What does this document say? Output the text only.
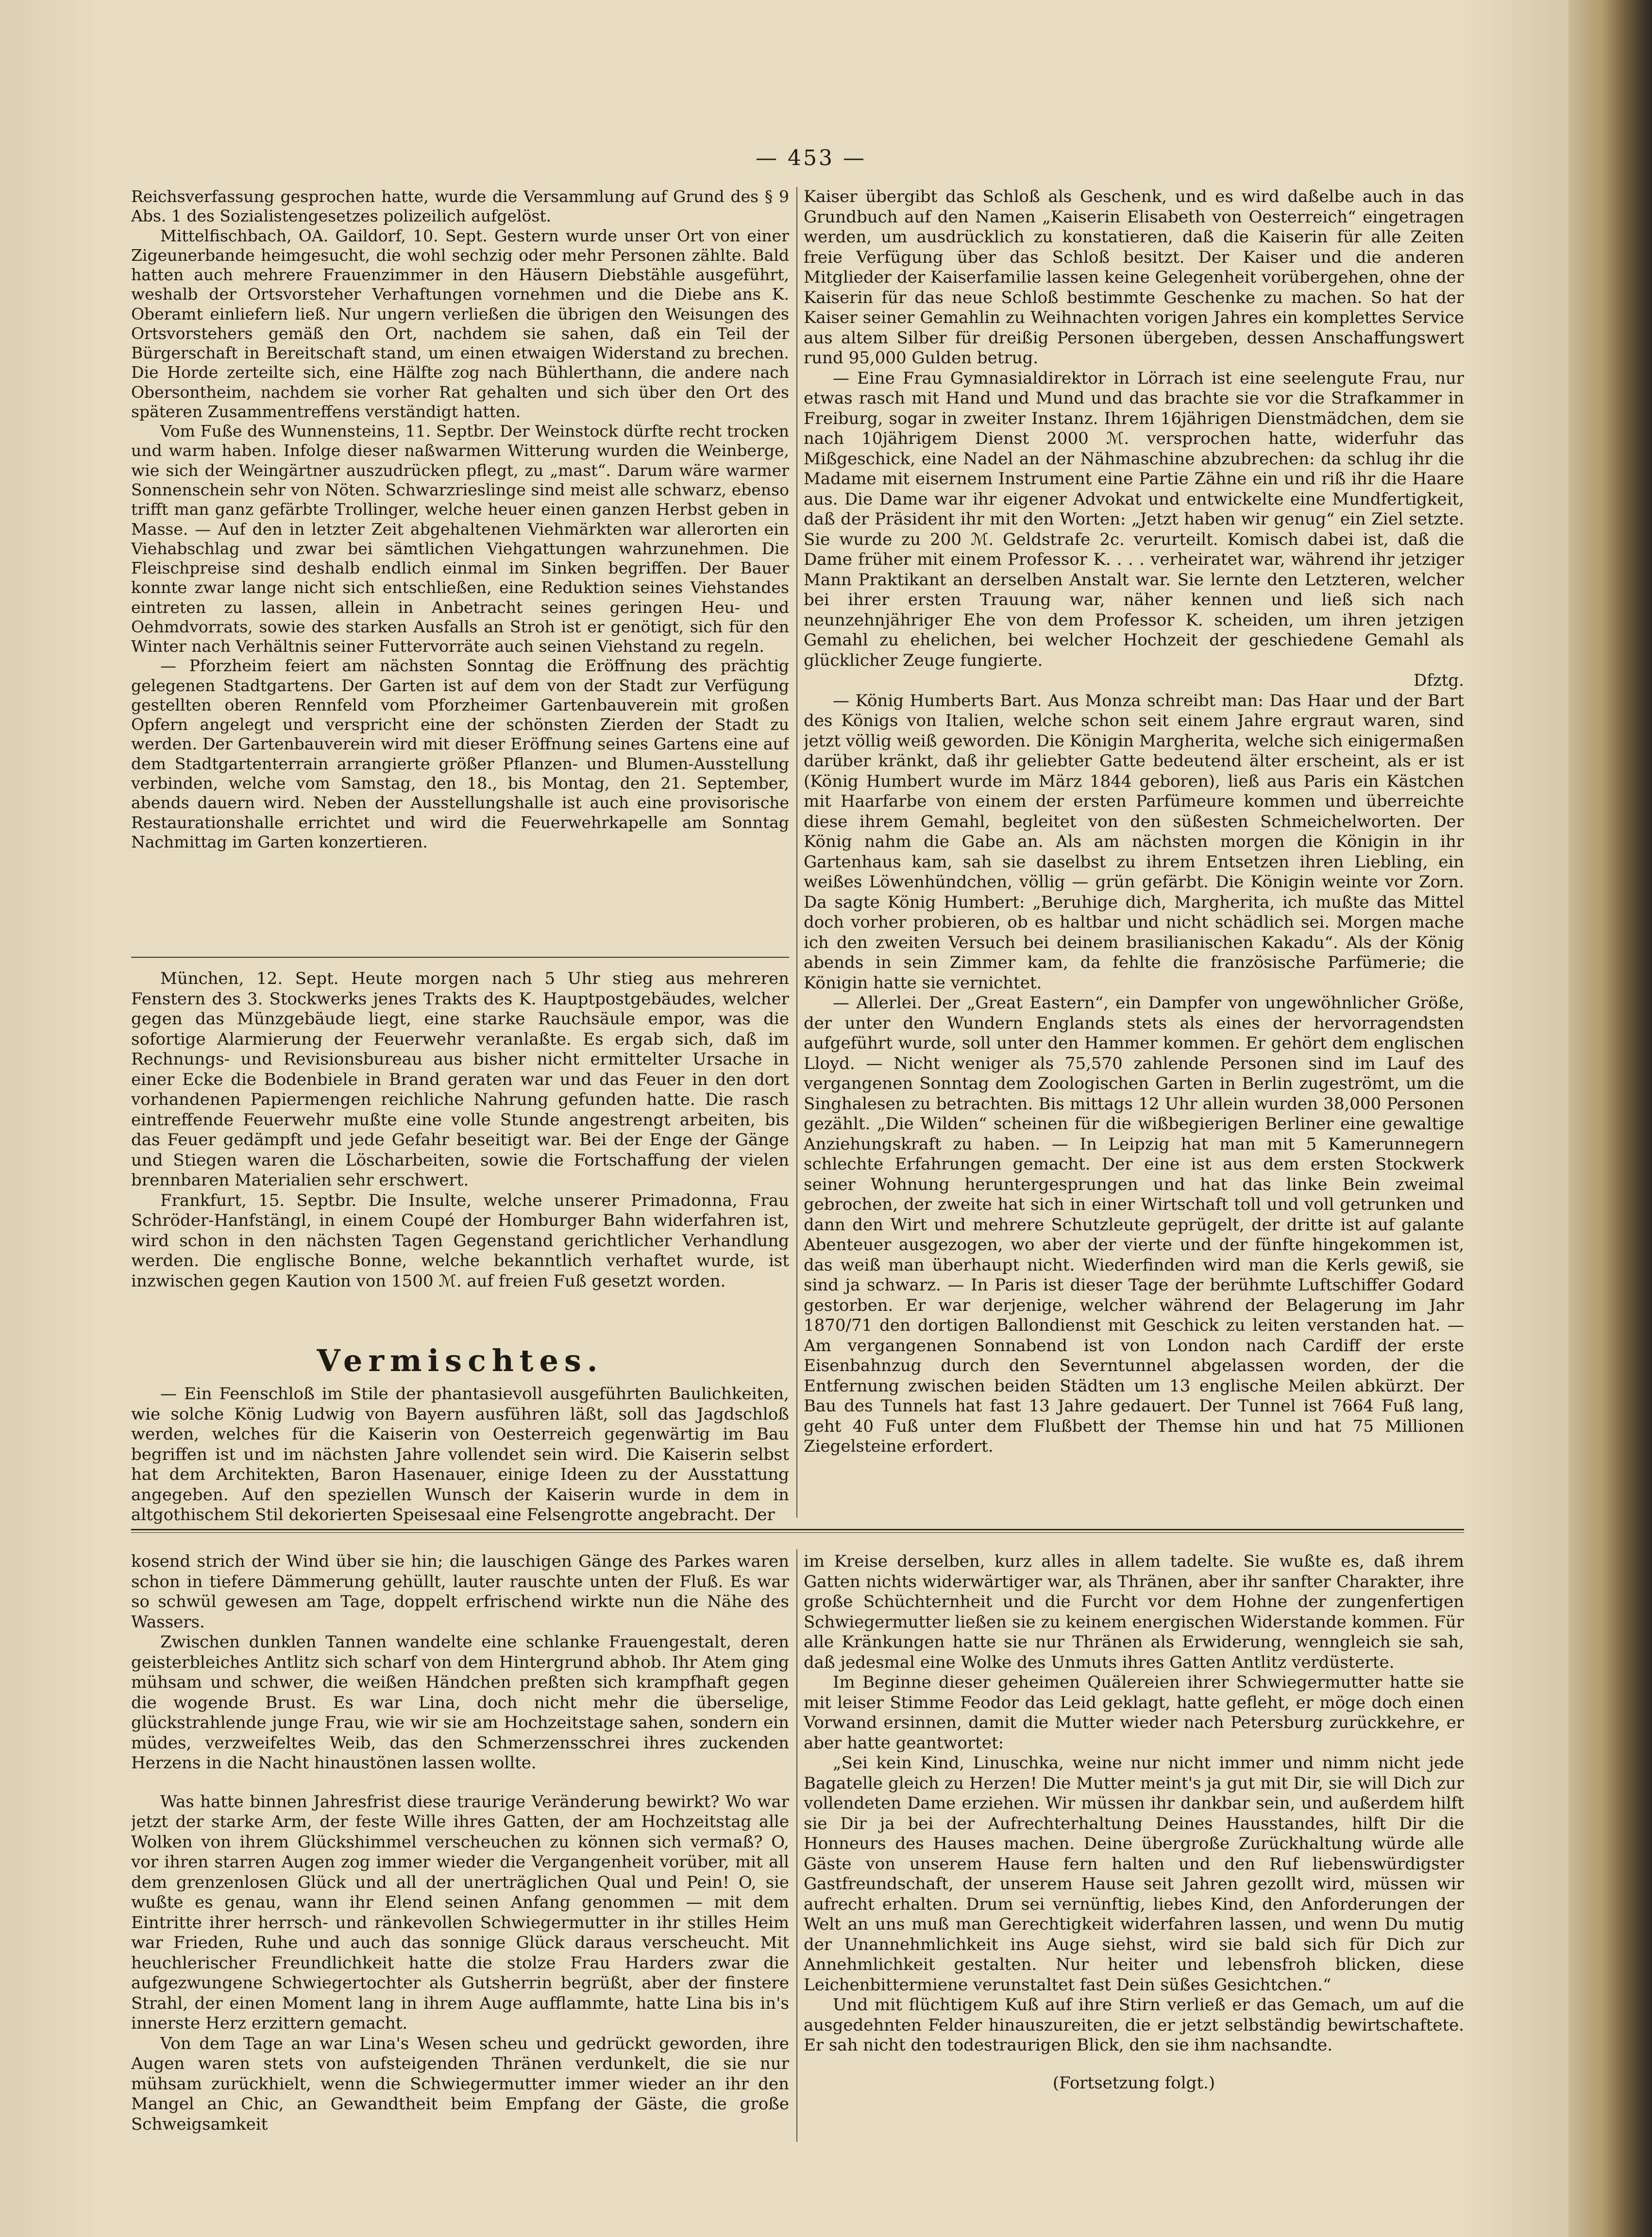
— 453 —

Reichsverfassung gesprochen hatte, wurde die Versammlung auf Grund des § 9 Abs. 1 des Sozialistengesetzes polizeilich aufgelöst.

Mittelfischbach, OA. Gaildorf, 10. Sept. Gestern wurde unser Ort von einer Zigeunerbande heimgesucht, die wohl sechzig oder mehr Personen zählte. Bald hatten auch mehrere Frauenzimmer in den Häusern Diebstähle ausgeführt, weshalb der Ortsvorsteher Verhaftungen vornehmen und die Diebe ans K. Oberamt einliefern ließ. Nur ungern verließen die übrigen den Weisungen des Ortsvorstehers gemäß den Ort, nachdem sie sahen, daß ein Teil der Bürgerschaft in Bereitschaft stand, um einen etwaigen Widerstand zu brechen. Die Horde zerteilte sich, eine Hälfte zog nach Bühlerthann, die andere nach Obersontheim, nachdem sie vorher Rat gehalten und sich über den Ort des späteren Zusammentreffens verständigt hatten.

Vom Fuße des Wunnensteins, 11. Septbr. Der Weinstock dürfte recht trocken und warm haben. Infolge dieser naßwarmen Witterung wurden die Weinberge, wie sich der Weingärtner auszudrücken pflegt, zu „mast“. Darum wäre warmer Sonnenschein sehr von Nöten. Schwarzrieslinge sind meist alle schwarz, ebenso trifft man ganz gefärbte Trollinger, welche heuer einen ganzen Herbst geben in Masse. — Auf den in letzter Zeit abgehaltenen Viehmärkten war allerorten ein Viehabschlag und zwar bei sämtlichen Viehgattungen wahrzunehmen. Die Fleischpreise sind deshalb endlich einmal im Sinken begriffen. Der Bauer konnte zwar lange nicht sich entschließen, eine Reduktion seines Viehstandes eintreten zu lassen, allein in Anbetracht seines geringen Heu- und Oehmdvorrats, sowie des starken Ausfalls an Stroh ist er genötigt, sich für den Winter nach Verhältnis seiner Futtervorräte auch seinen Viehstand zu regeln.

— Pforzheim feiert am nächsten Sonntag die Eröffnung des prächtig gelegenen Stadtgartens. Der Garten ist auf dem von der Stadt zur Verfügung gestellten oberen Rennfeld vom Pforzheimer Gartenbauverein mit großen Opfern angelegt und verspricht eine der schönsten Zierden der Stadt zu werden. Der Gartenbauverein wird mit dieser Eröffnung seines Gartens eine auf dem Stadtgartenterrain arrangierte größer Pflanzen- und Blumen-Ausstellung verbinden, welche vom Samstag, den 18., bis Montag, den 21. September, abends dauern wird. Neben der Ausstellungshalle ist auch eine provisorische Restaurationshalle errichtet und wird die Feuerwehrkapelle am Sonntag Nachmittag im Garten konzertieren.

München, 12. Sept. Heute morgen nach 5 Uhr stieg aus mehreren Fenstern des 3. Stockwerks jenes Trakts des K. Hauptpostgebäudes, welcher gegen das Münzgebäude liegt, eine starke Rauchsäule empor, was die sofortige Alarmierung der Feuerwehr veranlaßte. Es ergab sich, daß im Rechnungs- und Revisionsbureau aus bisher nicht ermittelter Ursache in einer Ecke die Bodenbiele in Brand geraten war und das Feuer in den dort vorhandenen Papiermengen reichliche Nahrung gefunden hatte. Die rasch eintreffende Feuerwehr mußte eine volle Stunde angestrengt arbeiten, bis das Feuer gedämpft und jede Gefahr beseitigt war. Bei der Enge der Gänge und Stiegen waren die Löscharbeiten, sowie die Fortschaffung der vielen brennbaren Materialien sehr erschwert.

Frankfurt, 15. Septbr. Die Insulte, welche unserer Primadonna, Frau Schröder-Hanfstängl, in einem Coupé der Homburger Bahn widerfahren ist, wird schon in den nächsten Tagen Gegenstand gerichtlicher Verhandlung werden. Die englische Bonne, welche bekanntlich verhaftet wurde, ist inzwischen gegen Kaution von 1500 ℳ. auf freien Fuß gesetzt worden.

Vermischtes.

— Ein Feenschloß im Stile der phantasievoll ausgeführten Baulichkeiten, wie solche König Ludwig von Bayern ausführen läßt, soll das Jagdschloß werden, welches für die Kaiserin von Oesterreich gegenwärtig im Bau begriffen ist und im nächsten Jahre vollendet sein wird. Die Kaiserin selbst hat dem Architekten, Baron Hasenauer, einige Ideen zu der Ausstattung angegeben. Auf den speziellen Wunsch der Kaiserin wurde in dem in altgothischem Stil dekorierten Speisesaal eine Felsengrotte angebracht. Der

Kaiser übergibt das Schloß als Geschenk, und es wird daßelbe auch in das Grundbuch auf den Namen „Kaiserin Elisabeth von Oesterreich“ eingetragen werden, um ausdrücklich zu konstatieren, daß die Kaiserin für alle Zeiten freie Verfügung über das Schloß besitzt. Der Kaiser und die anderen Mitglieder der Kaiserfamilie lassen keine Gelegenheit vorübergehen, ohne der Kaiserin für das neue Schloß bestimmte Geschenke zu machen. So hat der Kaiser seiner Gemahlin zu Weihnachten vorigen Jahres ein komplettes Service aus altem Silber für dreißig Personen übergeben, dessen Anschaffungswert rund 95,000 Gulden betrug.

— Eine Frau Gymnasialdirektor in Lörrach ist eine seelengute Frau, nur etwas rasch mit Hand und Mund und das brachte sie vor die Strafkammer in Freiburg, sogar in zweiter Instanz. Ihrem 16jährigen Dienstmädchen, dem sie nach 10jährigem Dienst 2000 ℳ. versprochen hatte, widerfuhr das Mißgeschick, eine Nadel an der Nähmaschine abzubrechen: da schlug ihr die Madame mit eisernem Instrument eine Partie Zähne ein und riß ihr die Haare aus. Die Dame war ihr eigener Advokat und entwickelte eine Mundfertigkeit, daß der Präsident ihr mit den Worten: „Jetzt haben wir genug“ ein Ziel setzte. Sie wurde zu 200 ℳ. Geldstrafe 2c. verurteilt. Komisch dabei ist, daß die Dame früher mit einem Professor K. . . . verheiratet war, während ihr jetziger Mann Praktikant an derselben Anstalt war. Sie lernte den Letzteren, welcher bei ihrer ersten Trauung war, näher kennen und ließ sich nach neunzehnjähriger Ehe von dem Professor K. scheiden, um ihren jetzigen Gemahl zu ehelichen, bei welcher Hochzeit der geschiedene Gemahl als glücklicher Zeuge fungierte.

Dfztg.

— König Humberts Bart. Aus Monza schreibt man: Das Haar und der Bart des Königs von Italien, welche schon seit einem Jahre ergraut waren, sind jetzt völlig weiß geworden. Die Königin Margherita, welche sich einigermaßen darüber kränkt, daß ihr geliebter Gatte bedeutend älter erscheint, als er ist (König Humbert wurde im März 1844 geboren), ließ aus Paris ein Kästchen mit Haarfarbe von einem der ersten Parfümeure kommen und überreichte diese ihrem Gemahl, begleitet von den süßesten Schmeichelworten. Der König nahm die Gabe an. Als am nächsten morgen die Königin in ihr Gartenhaus kam, sah sie daselbst zu ihrem Entsetzen ihren Liebling, ein weißes Löwenhündchen, völlig — grün gefärbt. Die Königin weinte vor Zorn. Da sagte König Humbert: „Beruhige dich, Margherita, ich mußte das Mittel doch vorher probieren, ob es haltbar und nicht schädlich sei. Morgen mache ich den zweiten Versuch bei deinem brasilianischen Kakadu“. Als der König abends in sein Zimmer kam, da fehlte die französische Parfümerie; die Königin hatte sie vernichtet.

— Allerlei. Der „Great Eastern“, ein Dampfer von ungewöhnlicher Größe, der unter den Wundern Englands stets als eines der hervorragendsten aufgeführt wurde, soll unter den Hammer kommen. Er gehört dem englischen Lloyd. — Nicht weniger als 75,570 zahlende Personen sind im Lauf des vergangenen Sonntag dem Zoologischen Garten in Berlin zugeströmt, um die Singhalesen zu betrachten. Bis mittags 12 Uhr allein wurden 38,000 Personen gezählt. „Die Wilden“ scheinen für die wißbegierigen Berliner eine gewaltige Anziehungskraft zu haben. — In Leipzig hat man mit 5 Kamerunnegern schlechte Erfahrungen gemacht. Der eine ist aus dem ersten Stockwerk seiner Wohnung heruntergesprungen und hat das linke Bein zweimal gebrochen, der zweite hat sich in einer Wirtschaft toll und voll getrunken und dann den Wirt und mehrere Schutzleute geprügelt, der dritte ist auf galante Abenteuer ausgezogen, wo aber der vierte und der fünfte hingekommen ist, das weiß man überhaupt nicht. Wiederfinden wird man die Kerls gewiß, sie sind ja schwarz. — In Paris ist dieser Tage der berühmte Luftschiffer Godard gestorben. Er war derjenige, welcher während der Belagerung im Jahr 1870/71 den dortigen Ballondienst mit Geschick zu leiten verstanden hat. — Am vergangenen Sonnabend ist von London nach Cardiff der erste Eisenbahnzug durch den Severntunnel abgelassen worden, der die Entfernung zwischen beiden Städten um 13 englische Meilen abkürzt. Der Bau des Tunnels hat fast 13 Jahre gedauert. Der Tunnel ist 7664 Fuß lang, geht 40 Fuß unter dem Flußbett der Themse hin und hat 75 Millionen Ziegelsteine erfordert.

kosend strich der Wind über sie hin; die lauschigen Gänge des Parkes waren schon in tiefere Dämmerung gehüllt, lauter rauschte unten der Fluß. Es war so schwül gewesen am Tage, doppelt erfrischend wirkte nun die Nähe des Wassers.

Zwischen dunklen Tannen wandelte eine schlanke Frauengestalt, deren geisterbleiches Antlitz sich scharf von dem Hintergrund abhob. Ihr Atem ging mühsam und schwer, die weißen Händchen preßten sich krampfhaft gegen die wogende Brust. Es war Lina, doch nicht mehr die überselige, glückstrahlende junge Frau, wie wir sie am Hochzeitstage sahen, sondern ein müdes, verzweifeltes Weib, das den Schmerzensschrei ihres zuckenden Herzens in die Nacht hinaustönen lassen wollte.

Was hatte binnen Jahresfrist diese traurige Veränderung bewirkt? Wo war jetzt der starke Arm, der feste Wille ihres Gatten, der am Hochzeitstag alle Wolken von ihrem Glückshimmel verscheuchen zu können sich vermaß? O, vor ihren starren Augen zog immer wieder die Vergangenheit vorüber, mit all dem grenzenlosen Glück und all der unerträglichen Qual und Pein! O, sie wußte es genau, wann ihr Elend seinen Anfang genommen — mit dem Eintritte ihrer herrsch- und ränkevollen Schwiegermutter in ihr stilles Heim war Frieden, Ruhe und auch das sonnige Glück daraus verscheucht. Mit heuchlerischer Freundlichkeit hatte die stolze Frau Harders zwar die aufgezwungene Schwiegertochter als Gutsherrin begrüßt, aber der finstere Strahl, der einen Moment lang in ihrem Auge aufflammte, hatte Lina bis in's innerste Herz erzittern gemacht.

Von dem Tage an war Lina's Wesen scheu und gedrückt geworden, ihre Augen waren stets von aufsteigenden Thränen verdunkelt, die sie nur mühsam zurückhielt, wenn die Schwiegermutter immer wieder an ihr den Mangel an Chic, an Gewandtheit beim Empfang der Gäste, die große Schweigsamkeit

im Kreise derselben, kurz alles in allem tadelte. Sie wußte es, daß ihrem Gatten nichts widerwärtiger war, als Thränen, aber ihr sanfter Charakter, ihre große Schüchternheit und die Furcht vor dem Hohne der zungenfertigen Schwiegermutter ließen sie zu keinem energischen Widerstande kommen. Für alle Kränkungen hatte sie nur Thränen als Erwiderung, wenngleich sie sah, daß jedesmal eine Wolke des Unmuts ihres Gatten Antlitz verdüsterte.

Im Beginne dieser geheimen Quälereien ihrer Schwiegermutter hatte sie mit leiser Stimme Feodor das Leid geklagt, hatte gefleht, er möge doch einen Vorwand ersinnen, damit die Mutter wieder nach Petersburg zurückkehre, er aber hatte geantwortet:

„Sei kein Kind, Linuschka, weine nur nicht immer und nimm nicht jede Bagatelle gleich zu Herzen! Die Mutter meint's ja gut mit Dir, sie will Dich zur vollendeten Dame erziehen. Wir müssen ihr dankbar sein, und außerdem hilft sie Dir ja bei der Aufrechterhaltung Deines Hausstandes, hilft Dir die Honneurs des Hauses machen. Deine übergroße Zurückhaltung würde alle Gäste von unserem Hause fern halten und den Ruf liebenswürdigster Gastfreundschaft, der unserem Hause seit Jahren gezollt wird, müssen wir aufrecht erhalten. Drum sei vernünftig, liebes Kind, den Anforderungen der Welt an uns muß man Gerechtigkeit widerfahren lassen, und wenn Du mutig der Unannehmlichkeit ins Auge siehst, wird sie bald sich für Dich zur Annehmlichkeit gestalten. Nur heiter und lebensfroh blicken, diese Leichenbittermiene verunstaltet fast Dein süßes Gesichtchen.“

Und mit flüchtigem Kuß auf ihre Stirn verließ er das Gemach, um auf die ausgedehnten Felder hinauszureiten, die er jetzt selbständig bewirtschaftete. Er sah nicht den todestraurigen Blick, den sie ihm nachsandte.

(Fortsetzung folgt.)
